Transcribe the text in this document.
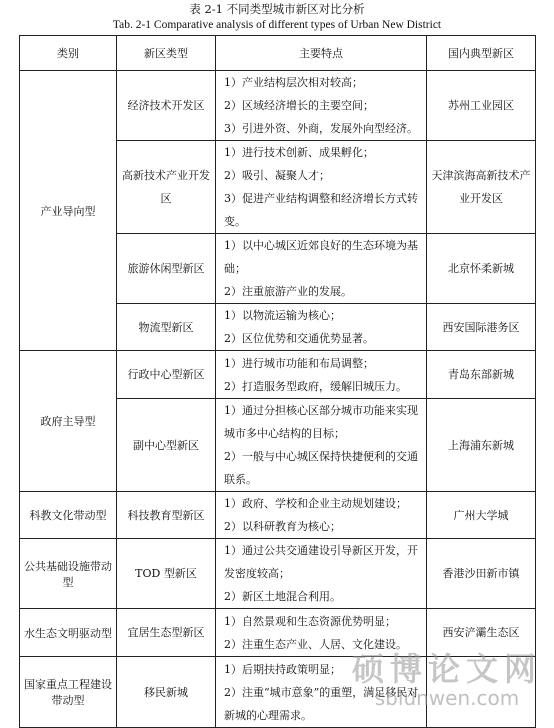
表 2-1 不同类型城市新区对比分析
Tab. 2-1 Comparative analysis of different types of Urban New District
类别	新区类型	主要特点	国内典型新区
产业导向型	经济技术开发区	1）产业结构层次相对较高；
2）区域经济增长的主要空间；
3）引进外资、外商，发展外向型经济。	苏州工业园区
	高新技术产业开发区	1）进行技术创新、成果孵化；
2）吸引、凝聚人才；
3）促进产业结构调整和经济增长方式转变。	天津滨海高新技术产业开发区
	旅游休闲型新区	1）以中心城区近郊良好的生态环境为基础；
2）注重旅游产业的发展。	北京怀柔新城
	物流型新区	1）以物流运输为核心；
2）区位优势和交通优势显著。	西安国际港务区
政府主导型	行政中心型新区	1）进行城市功能和布局调整；
2）打造服务型政府，缓解旧城压力。	青岛东部新城
	副中心型新区	1）通过分担核心区部分城市功能来实现城市多中心结构的目标；
2）一般与中心城区保持快捷便利的交通联系。	上海浦东新城
科教文化带动型	科技教育型新区	1）政府、学校和企业主动规划建设；
2）以科研教育为核心；	广州大学城
公共基础设施带动型	TOD 型新区	1）通过公共交通建设引导新区开发，开发密度较高；
2）新区土地混合利用。	香港沙田新市镇
水生态文明驱动型	宜居生态型新区	1）自然景观和生态资源优势明显；
2）注重生态产业、人居、文化建设。	西安浐灞生态区
国家重点工程建设带动型	移民新城	1）后期扶持政策明显；
2）注重“城市意象”的重塑，满足移民对新城的心理需求。	

硕博论文网
sblunwen.com
